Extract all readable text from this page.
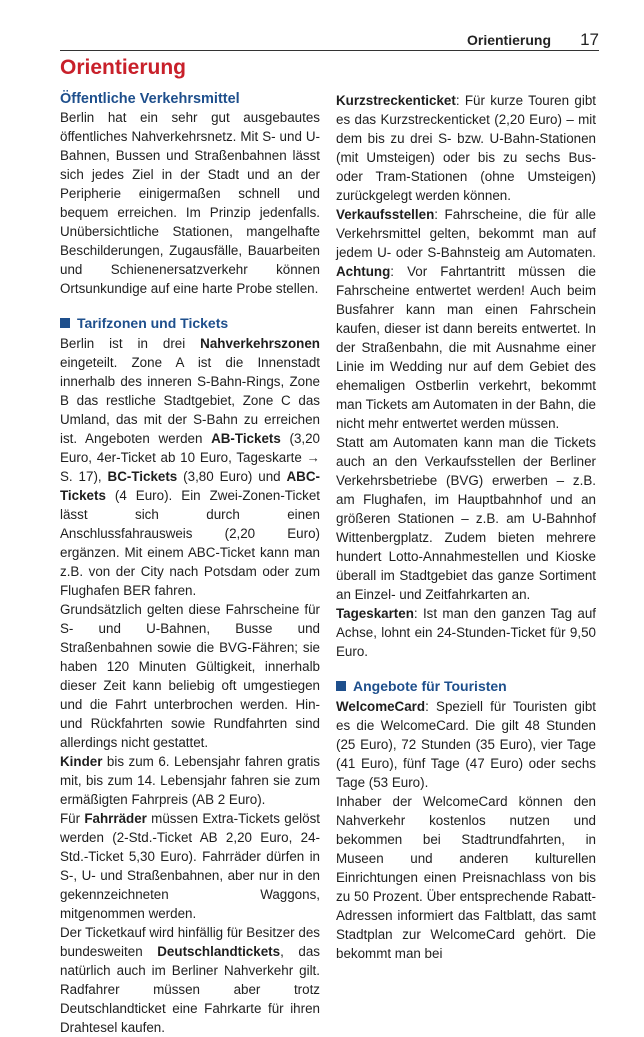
Orientierung 17
Orientierung
Öffentliche Verkehrsmittel

Berlin hat ein sehr gut ausgebautes öffentliches Nahverkehrsnetz. Mit S- und U-Bahnen, Bussen und Straßenbahnen lässt sich jedes Ziel in der Stadt und an der Peripherie einigermaßen schnell und bequem erreichen. Im Prinzip jedenfalls. Unübersichtliche Stationen, mangelhafte Beschilderungen, Zugausfälle, Bauarbeiten und Schienenersatzverkehr können Ortsunkundige auf eine harte Probe stellen.

Tarifzonen und Tickets

Berlin ist in drei Nahverkehrszonen eingeteilt. Zone A ist die Innenstadt innerhalb des inneren S-Bahn-Rings, Zone B das restliche Stadtgebiet, Zone C das Umland, das mit der S-Bahn zu erreichen ist. Angeboten werden AB-Tickets (3,20 Euro, 4er-Ticket ab 10 Euro, Tageskarte → S. 17), BC-Tickets (3,80 Euro) und ABC-Tickets (4 Euro). Ein Zwei-Zonen-Ticket lässt sich durch einen Anschlussfahrausweis (2,20 Euro) ergänzen. Mit einem ABC-Ticket kann man z.B. von der City nach Potsdam oder zum Flughafen BER fahren.

Grundsätzlich gelten diese Fahrscheine für S- und U-Bahnen, Busse und Straßenbahnen sowie die BVG-Fähren; sie haben 120 Minuten Gültigkeit, innerhalb dieser Zeit kann beliebig oft umgestiegen und die Fahrt unterbrochen werden. Hin- und Rückfahrten sowie Rundfahrten sind allerdings nicht gestattet.

Kinder bis zum 6. Lebensjahr fahren gratis mit, bis zum 14. Lebensjahr fahren sie zum ermäßigten Fahrpreis (AB 2 Euro).

Für Fahrräder müssen Extra-Tickets gelöst werden (2-Std.-Ticket AB 2,20 Euro, 24-Std.-Ticket 5,30 Euro). Fahrräder dürfen in S-, U- und Straßenbahnen, aber nur in den gekennzeichneten Waggons, mitgenommen werden.

Der Ticketkauf wird hinfällig für Besitzer des bundesweiten Deutschlandtickets, das natürlich auch im Berliner Nahverkehr gilt. Radfahrer müssen aber trotz Deutschlandticket eine Fahrkarte für ihren Drahtesel kaufen.

Kurzstreckenticket: Für kurze Touren gibt es das Kurzstreckenticket (2,20 Euro) – mit dem bis zu drei S- bzw. U-Bahn-Stationen (mit Umsteigen) oder bis zu sechs Bus- oder Tram-Stationen (ohne Umsteigen) zurückgelegt werden können.

Verkaufsstellen: Fahrscheine, die für alle Verkehrsmittel gelten, bekommt man auf jedem U- oder S-Bahnsteig am Automaten. Achtung: Vor Fahrtantritt müssen die Fahrscheine entwertet werden! Auch beim Busfahrer kann man einen Fahrschein kaufen, dieser ist dann bereits entwertet. In der Straßenbahn, die mit Ausnahme einer Linie im Wedding nur auf dem Gebiet des ehemaligen Ostberlin verkehrt, bekommt man Tickets am Automaten in der Bahn, die nicht mehr entwertet werden müssen.

Statt am Automaten kann man die Tickets auch an den Verkaufsstellen der Berliner Verkehrsbetriebe (BVG) erwerben – z.B. am Flughafen, im Hauptbahnhof und an größeren Stationen – z.B. am U-Bahnhof Wittenbergplatz. Zudem bieten mehrere hundert Lotto-Annahmestellen und Kioske überall im Stadtgebiet das ganze Sortiment an Einzel- und Zeitfahrkarten an.

Tageskarten: Ist man den ganzen Tag auf Achse, lohnt ein 24-Stunden-Ticket für 9,50 Euro.

Angebote für Touristen

WelcomeCard: Speziell für Touristen gibt es die WelcomeCard. Die gilt 48 Stunden (25 Euro), 72 Stunden (35 Euro), vier Tage (41 Euro), fünf Tage (47 Euro) oder sechs Tage (53 Euro).

Inhaber der WelcomeCard können den Nahverkehr kostenlos nutzen und bekommen bei Stadtrundfahrten, in Museen und anderen kulturellen Einrichtungen einen Preisnachlass von bis zu 50 Prozent. Über entsprechende Rabatt-Adressen informiert das Faltblatt, das samt Stadtplan zur WelcomeCard gehört. Die bekommt man bei
